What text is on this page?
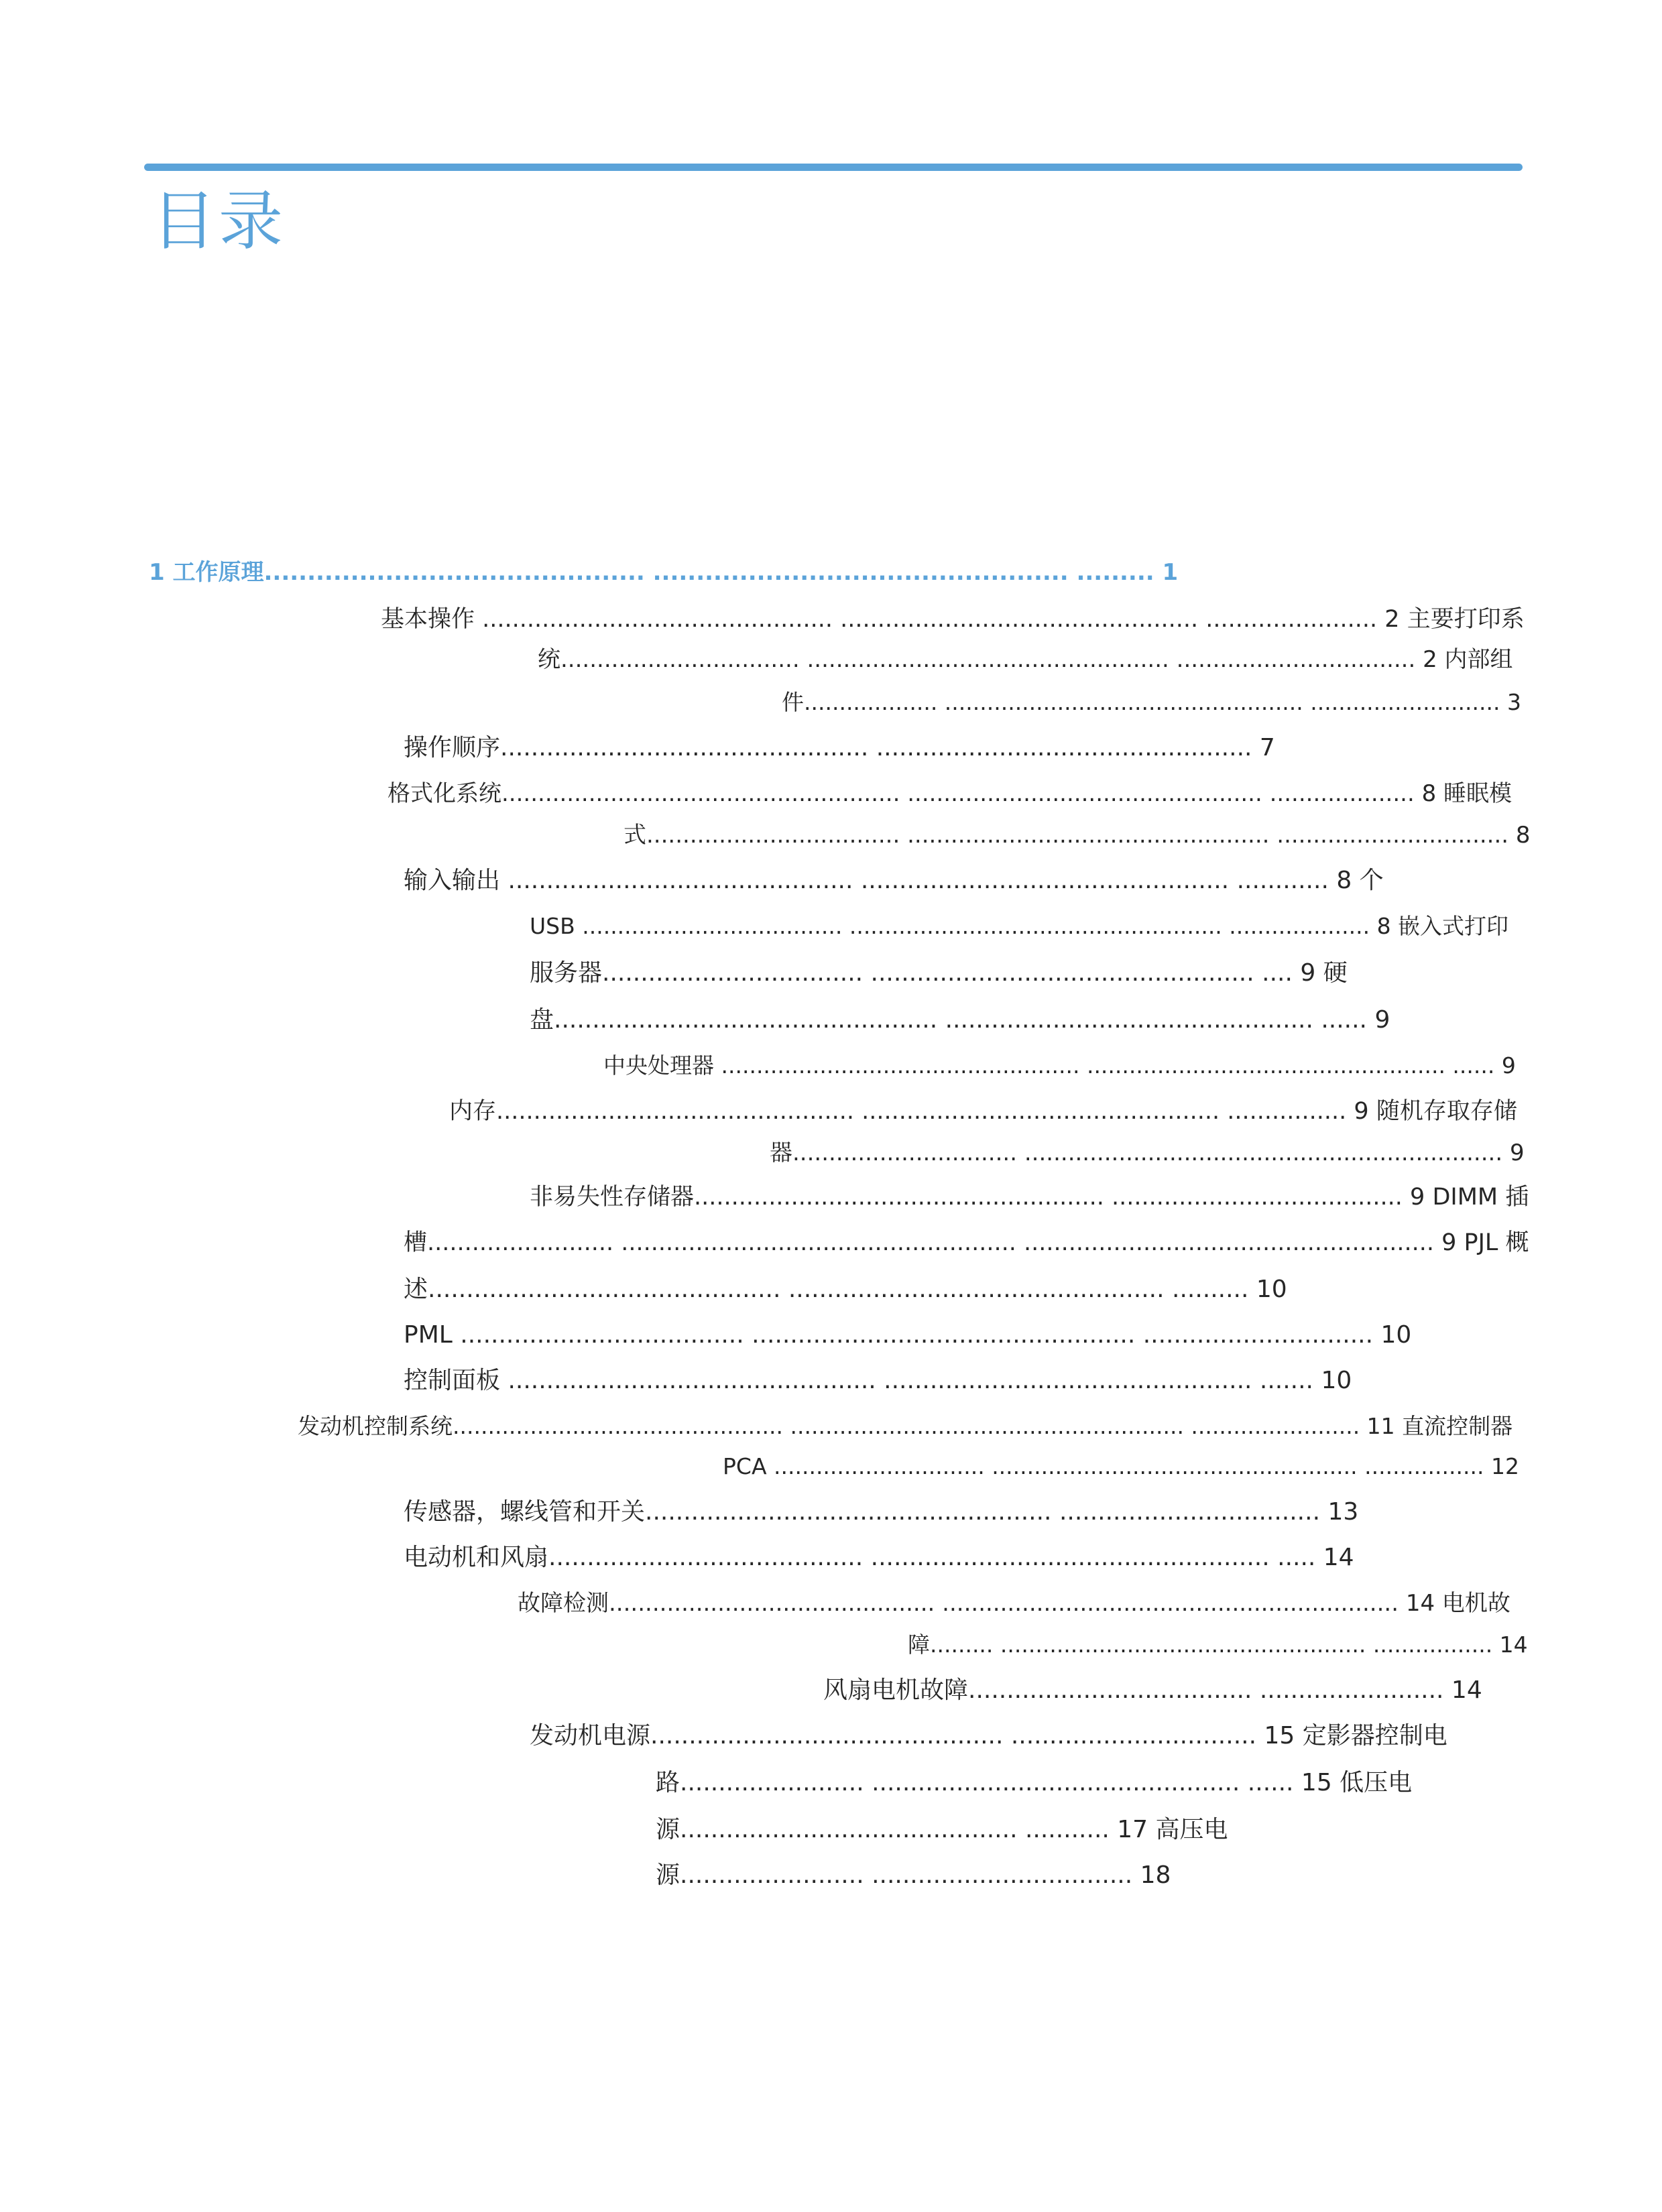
目录
1 工作原理............................................ ................................................ ......... 1
基本操作 ............................................... ................................................ ....................... 2 主要打印系
统................................. .................................................. ................................. 2 内部组
件................... ................................................... ........................... 3
操作顺序................................................ ................................................. 7
格式化系统....................................................... ................................................. .................... 8 睡眠模
式................................... .................................................. ................................ 8
输入输出 ............................................. ................................................ ............ 8 个
USB ..................................... ..................................................... .................... 8 嵌入式打印
服务器.................................. .................................................. .... 9 硬
盘.................................................. ................................................ ...... 9
中央处理器 ................................................... ................................................... ...... 9
内存................................................ ................................................ ................ 9 随机存取存储
器............................... .................................................................. 9
非易失性存储器....................................................... ....................................... 9 DIMM 插
槽......................... ..................................................... ....................................................... 9 PJL 概
述.............................................. ................................................. .......... 10
PML ..................................... .................................................. .............................. 10
控制面板 ................................................ ................................................ ....... 10
发动机控制系统............................................... ........................................................ ........................ 11 直流控制器
PCA .............................. .................................................... ................. 12
传感器，螺线管和开关..................................................... .................................. 13
电动机和风扇......................................... .................................................... ..... 14
故障检测............................................. ............................................................... 14 电机故
障......... .................................................... ................. 14
风扇电机故障..................................... ........................ 14
发动机电源.............................................. ................................ 15 定影器控制电
路........................ ................................................ ...... 15 低压电
源............................................ ........... 17 高压电
源........................ .................................. 18
